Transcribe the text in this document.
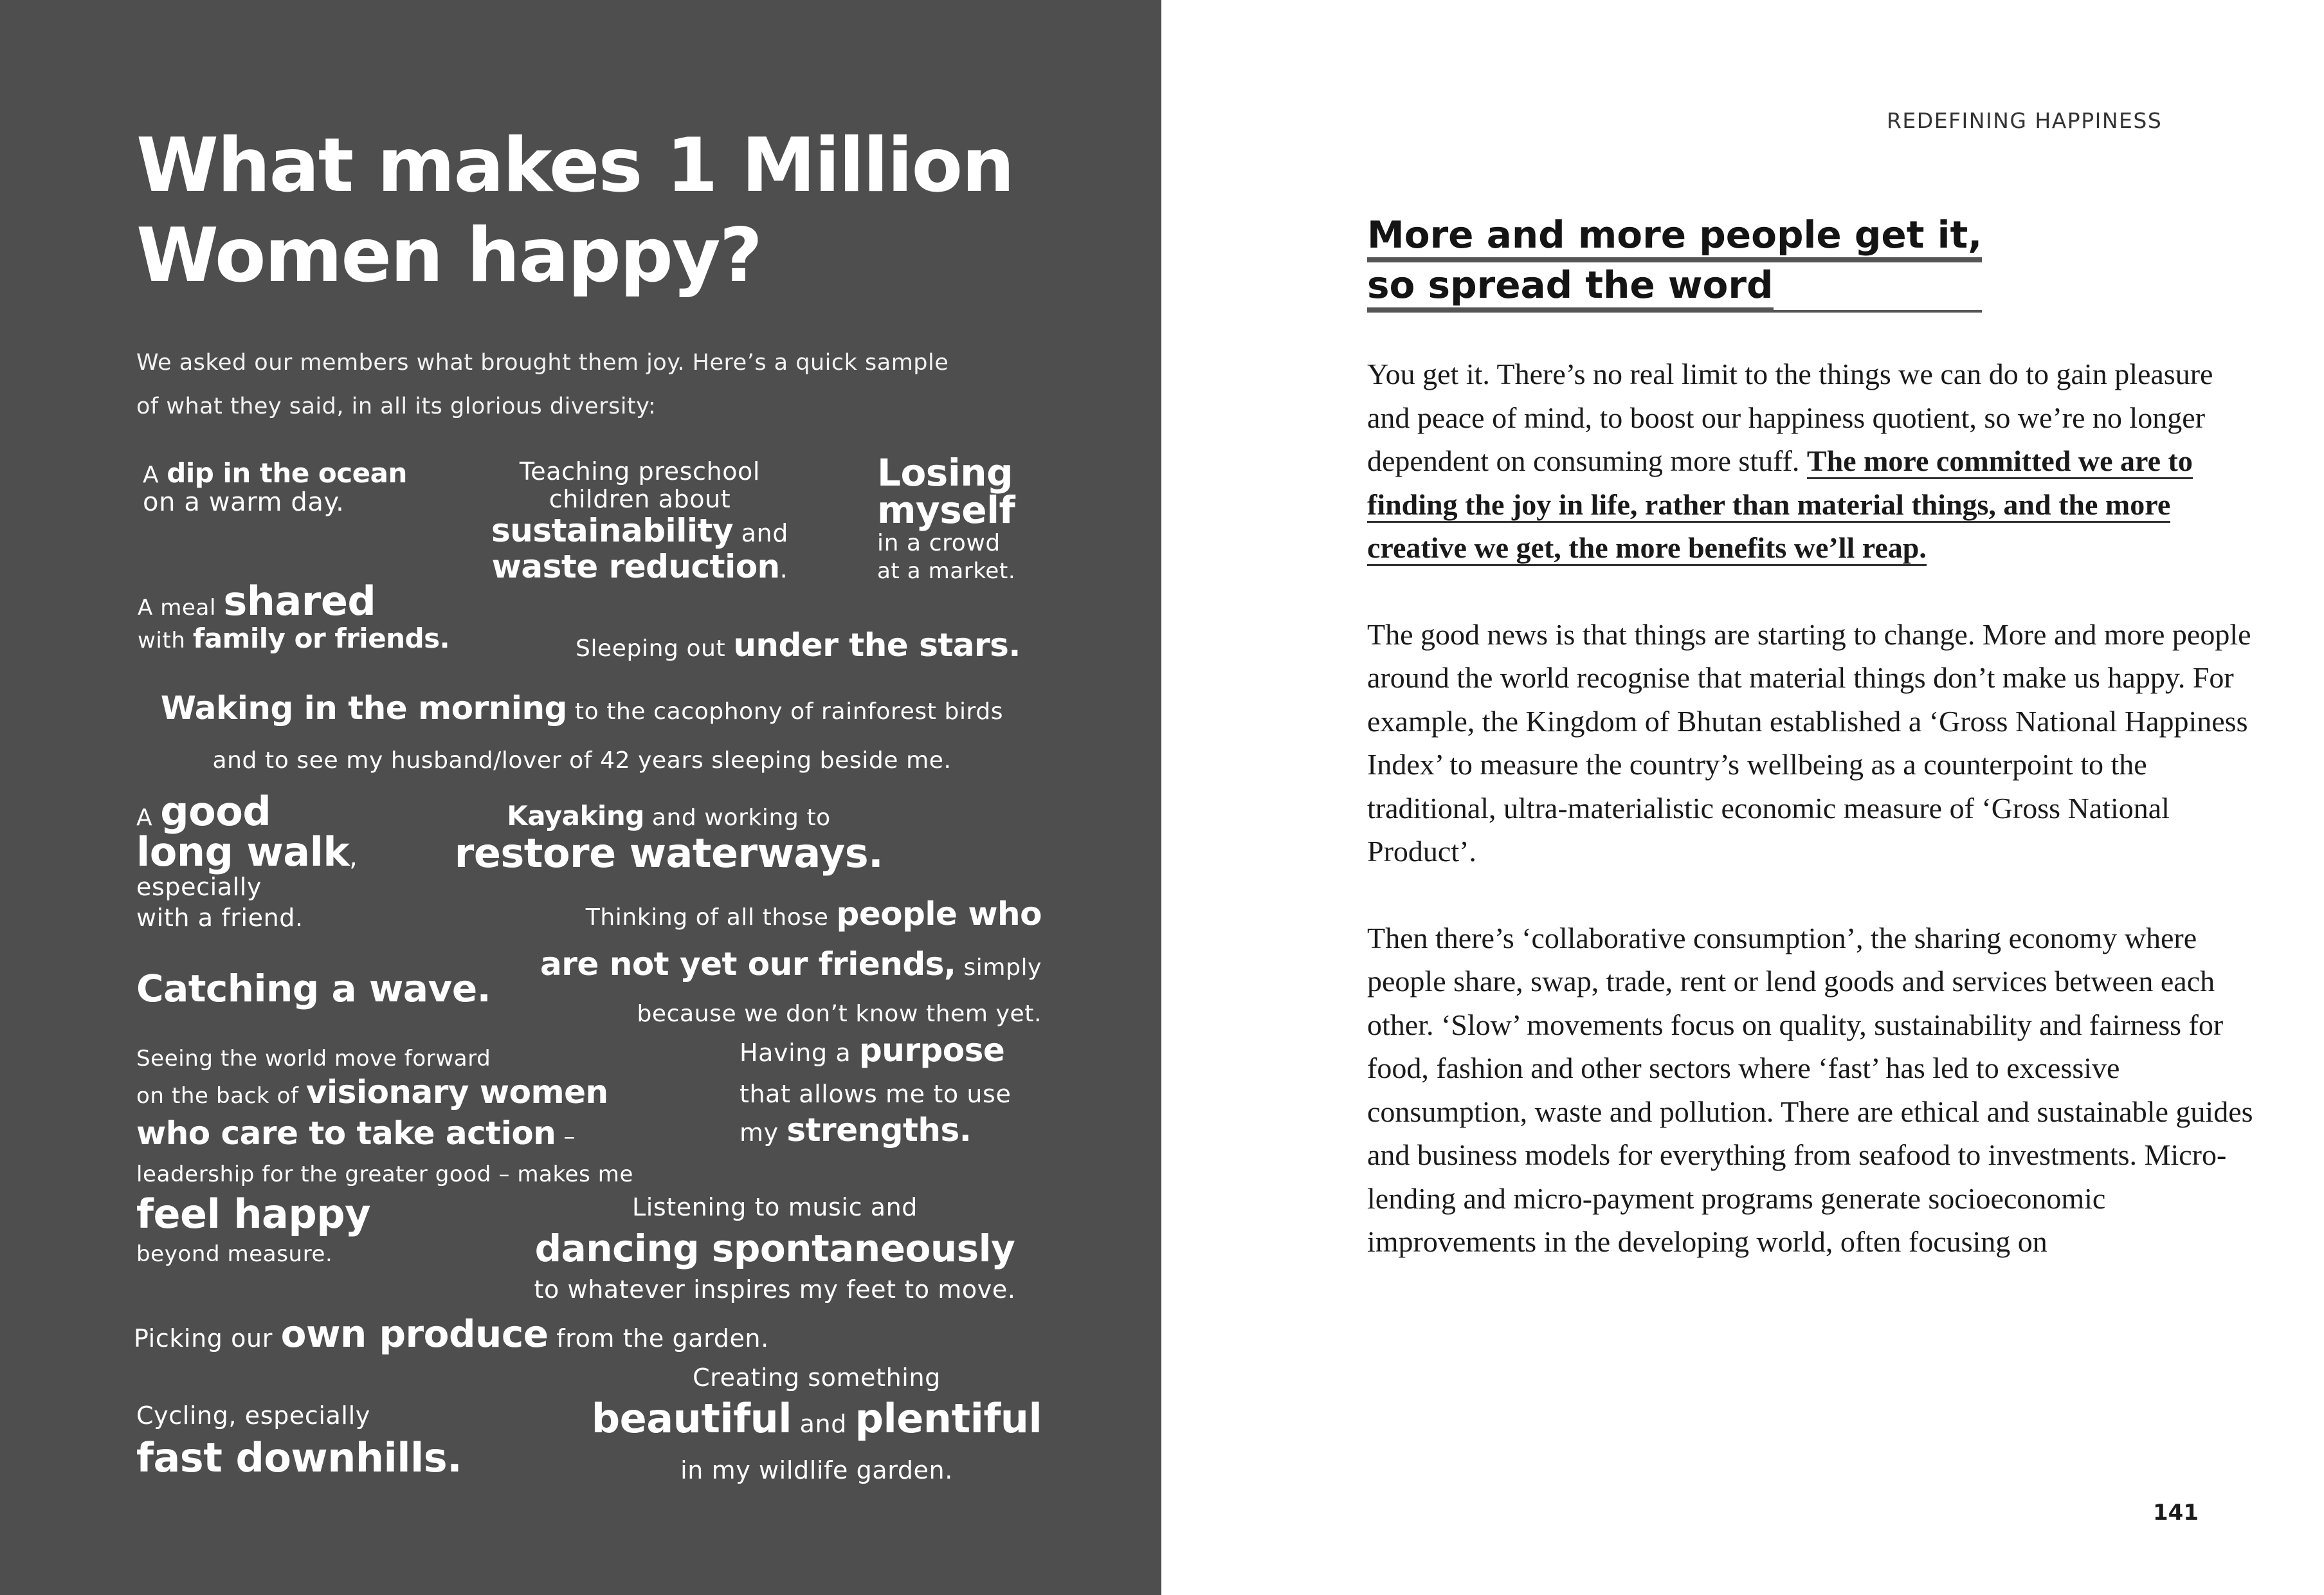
What makes 1 Million
Women happy?

We asked our members what brought them joy. Here’s a quick sample
of what they said, in all its glorious diversity:

A dip in the ocean
on a warm day.
Teaching preschool
children about
sustainability and
waste reduction.
Losing
myself
in a crowd
at a market.
A meal shared
with family or friends.	Sleeping out under the stars.
Waking in the morning to the cacophony of rainforest birds
and to see my husband/lover of 42 years sleeping beside me.
A good
long walk,
especially
with a friend.
Kayaking and working to
restore waterways.
Thinking of all those people who
are not yet our friends, simply
because we don’t know them yet.
Catching a wave.
Seeing the world move forward
on the back of visionary women
who care to take action –
leadership for the greater good – makes me
feel happy
beyond measure.
Having a purpose
that allows me to use
my strengths.
Listening to music and
dancing spontaneously
to whatever inspires my feet to move.
Picking our own produce from the garden.
Cycling, especially
fast downhills.
Creating something
beautiful and plentiful
in my wildlife garden.
REDEFINING HAPPINESS
More and more people get it,
so spread the word

You get it. There’s no real limit to the things we can do to gain pleasure and peace of mind, to boost our happiness quotient, so we’re no longer dependent on consuming more stuff. The more committed we are to finding the joy in life, rather than material things, and the more creative we get, the more benefits we’ll reap.

The good news is that things are starting to change. More and more people around the world recognise that material things don’t make us happy. For example, the Kingdom of Bhutan established a ‘Gross National Happiness Index’ to measure the country’s wellbeing as a counterpoint to the traditional, ultra-materialistic economic measure of ‘Gross National Product’.

Then there’s ‘collaborative consumption’, the sharing economy where people share, swap, trade, rent or lend goods and services between each other. ‘Slow’ movements focus on quality, sustainability and fairness for food, fashion and other sectors where ‘fast’ has led to excessive consumption, waste and pollution. There are ethical and sustainable guides and business models for everything from seafood to investments. Micro-lending and micro-payment programs generate socioeconomic improvements in the developing world, often focusing on

141
